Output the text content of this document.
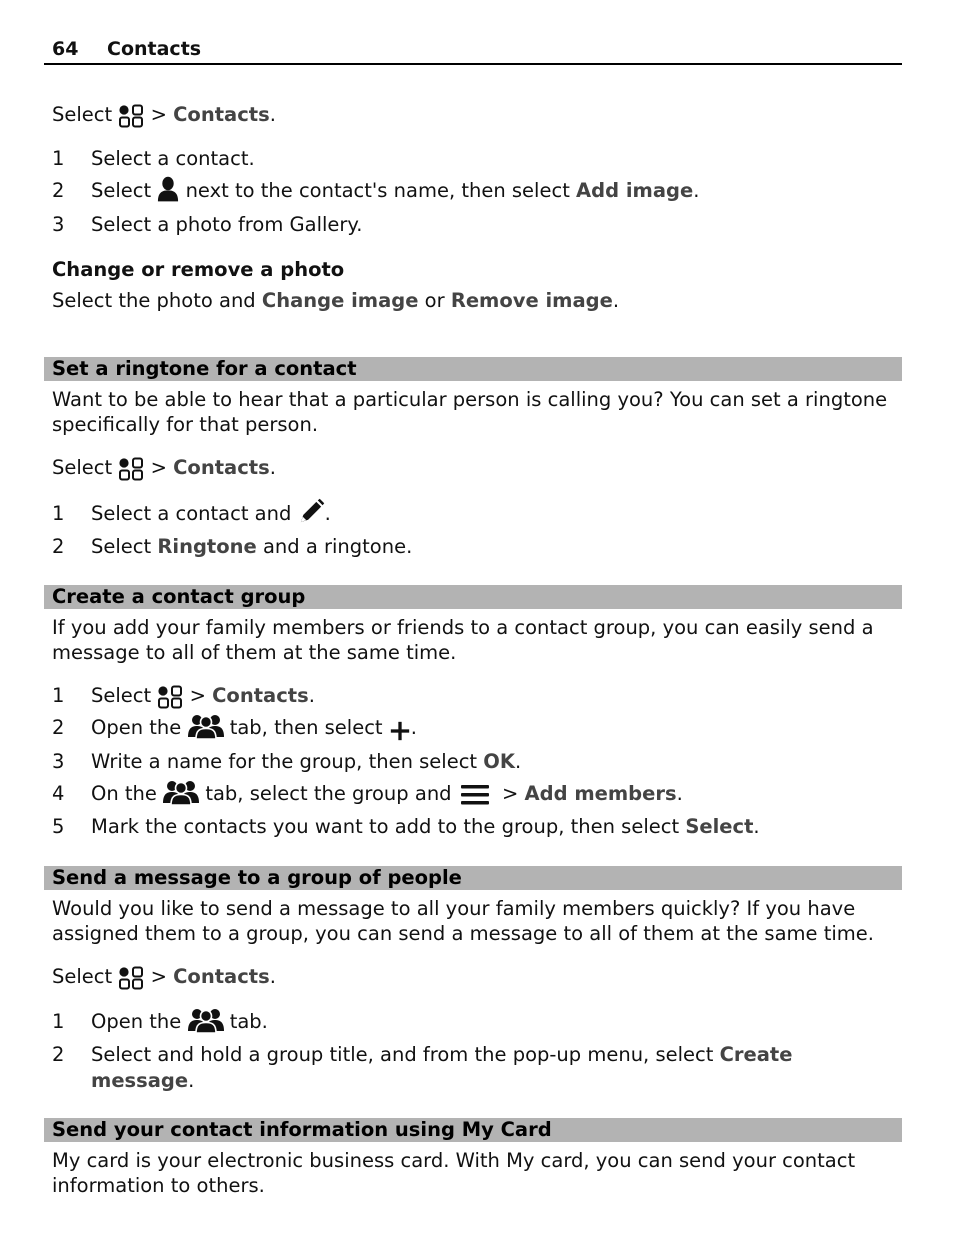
64 Contacts
Select > Contacts.
1	Select a contact.
2	Select next to the contact's name, then select Add image.
3	Select a photo from Gallery.
Change or remove a photo
Select the photo and Change image or Remove image.
Set a ringtone for a contact
Want to be able to hear that a particular person is calling you? You can set a ringtone specifically for that person.
Select > Contacts.
1	Select a contact and .
2	Select Ringtone and a ringtone.
Create a contact group
If you add your family members or friends to a contact group, you can easily send a message to all of them at the same time.
1	Select > Contacts.
2	Open the tab, then select .
3	Write a name for the group, then select OK.
4	On the tab, select the group and	> Add members.
5	Mark the contacts you want to add to the group, then select Select.
Send a message to a group of people
Would you like to send a message to all your family members quickly? If you have assigned them to a group, you can send a message to all of them at the same time.
Select > Contacts.
1	Open the tab.
2	Select and hold a group title, and from the pop-up menu, select Create message.
Send your contact information using My Card
My card is your electronic business card. With My card, you can send your contact information to others.
